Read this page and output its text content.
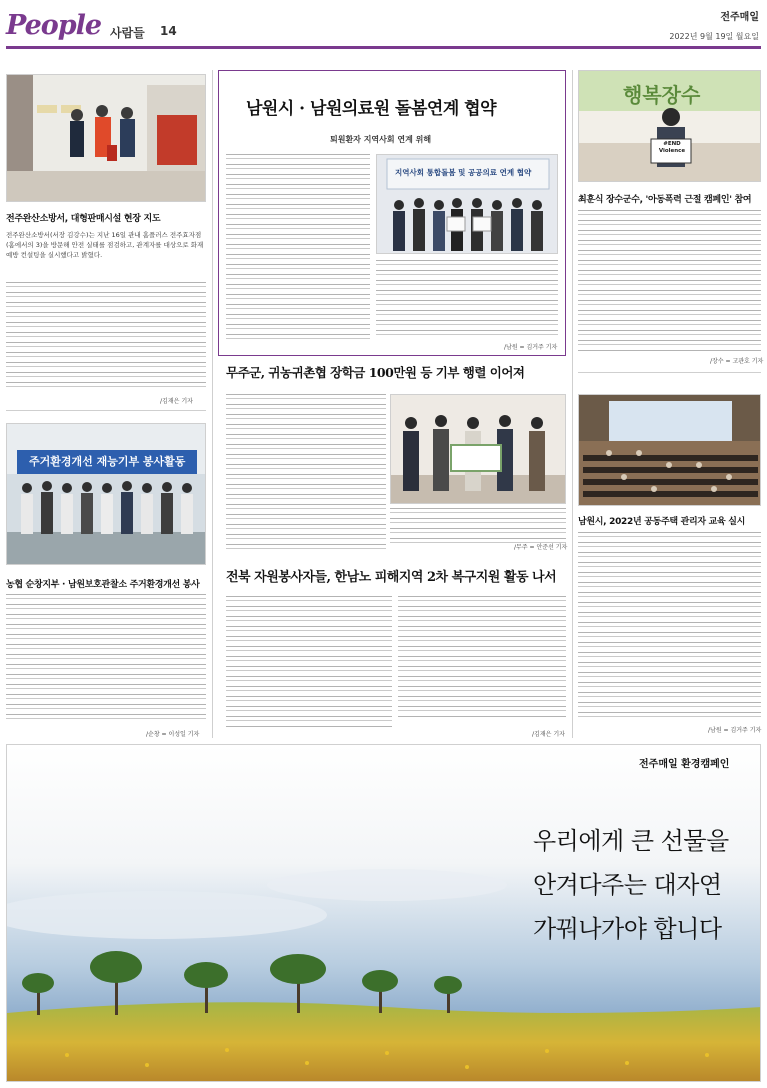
People 사람들 14
전주매일
2022년 9월 19일 월요일
전주완산소방서, 대형판매시설 현장 지도
전주완산소방서(서장 김강수)는 지난 16일 관내 홈플러스 전주효자점(홈에서의 3)을 방문해 안전 실태를 점검하고, 관계자를 대상으로 화재예방 컨설팅을 실시했다고 밝혔다.
/김재은 기자
주거환경개선 재능기부 봉사활동
농협 순창지부 · 남원보호관찰소 주거환경개선 봉사
/순창 = 이성일 기자
남원시 · 남원의료원 돌봄연계 협약
퇴원환자 지역사회 연계 위해
지역사회 통합돌봄 및 공공의료 연계 협약
/남원 = 김거주 기자
무주군, 귀농귀촌협 장학금 100만원 등 기부 행렬 이어져
/무주 = 안준선 기자
전북 자원봉사자들, 한남노 피해지역 2차 복구지원 활동 나서
/김재은 기자
행복장수
#END Violence
최훈식 장수군수, '아동폭력 근절 캠페인' 참여
/장수 = 고관호 기자
남원시, 2022년 공동주택 관리자 교육 실시
/남원 = 김거주 기자
전주매일 환경캠페인
우리에게 큰 선물을
안겨다주는 대자연
가꿔나가야 합니다
